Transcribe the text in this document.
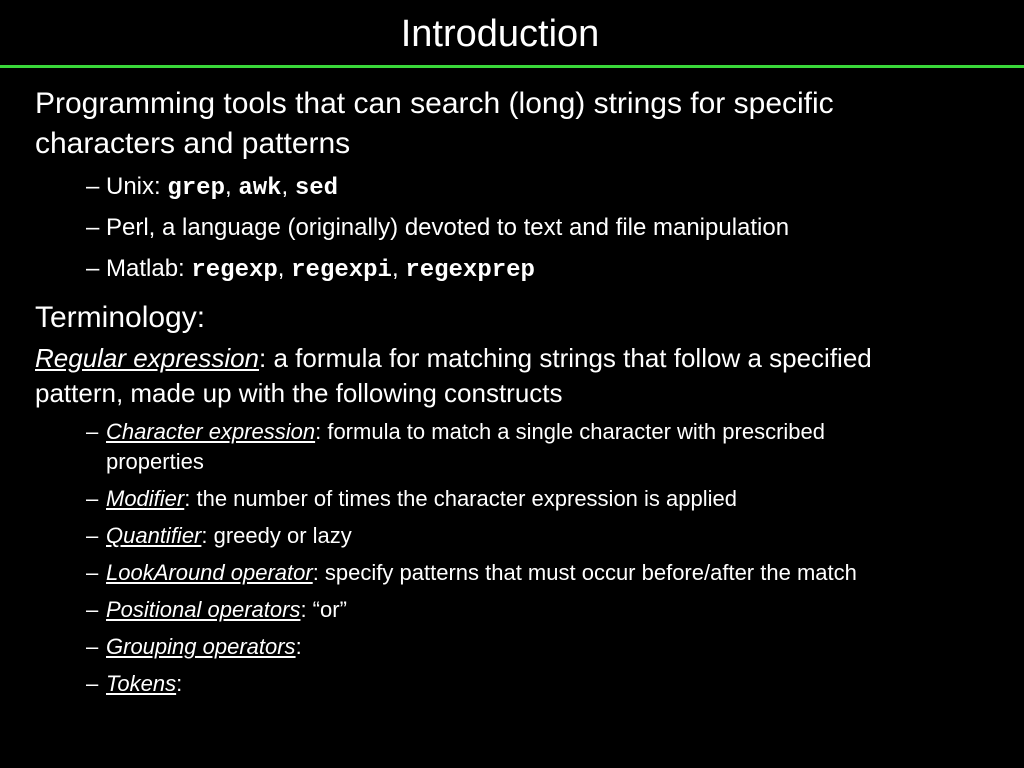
Introduction
Programming tools that can search (long) strings for specific
characters and patterns
– Unix: grep, awk, sed
– Perl, a language (originally) devoted to text and file manipulation
– Matlab: regexp, regexpi, regexprep
Terminology:
Regular expression: a formula for matching strings that follow a specified
pattern, made up with the following constructs
– Character expression: formula to match a single character with prescribed
properties
– Modifier: the number of times the character expression is applied
– Quantifier: greedy or lazy
– LookAround operator: specify patterns that must occur before/after the match
– Positional operators: “or”
– Grouping operators:
– Tokens:
